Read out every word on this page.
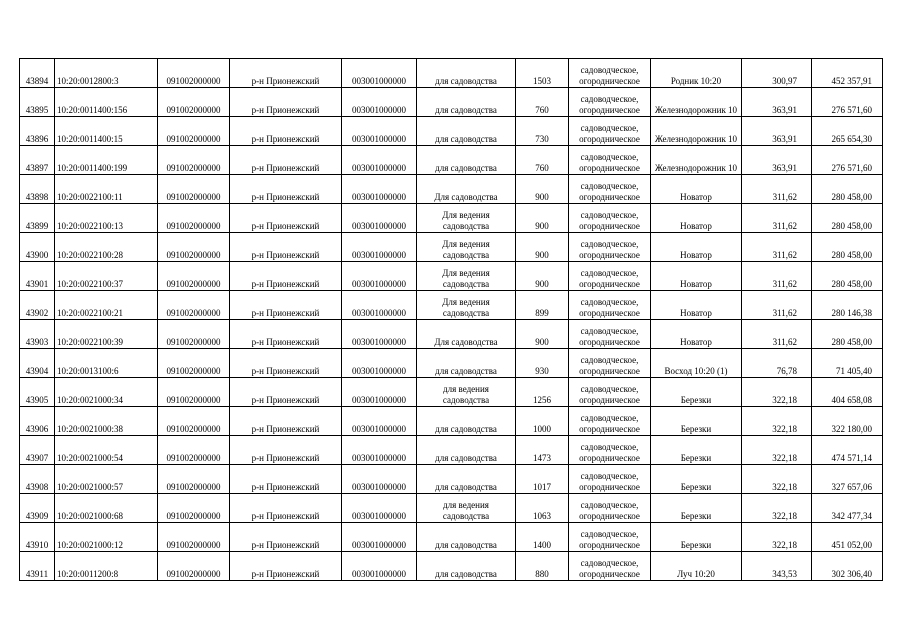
43894	10:20:0012800:3	091002000000	р-н Прионежский	003001000000	для садоводства	1503	садоводческое,
огородническое	Родник 10:20	300,97	452 357,91
43895	10:20:0011400:156	091002000000	р-н Прионежский	003001000000	для садоводства	760	садоводческое,
огородническое	Железнодорожник 10	363,91	276 571,60
43896	10:20:0011400:15	091002000000	р-н Прионежский	003001000000	для садоводства	730	садоводческое,
огородническое	Железнодорожник 10	363,91	265 654,30
43897	10:20:0011400:199	091002000000	р-н Прионежский	003001000000	для садоводства	760	садоводческое,
огородническое	Железнодорожник 10	363,91	276 571,60
43898	10:20:0022100:11	091002000000	р-н Прионежский	003001000000	Для садоводства	900	садоводческое,
огородническое	Новатор	311,62	280 458,00
43899	10:20:0022100:13	091002000000	р-н Прионежский	003001000000	Для ведения
садоводства	900	садоводческое,
огородническое	Новатор	311,62	280 458,00
43900	10:20:0022100:28	091002000000	р-н Прионежский	003001000000	Для ведения
садоводства	900	садоводческое,
огородническое	Новатор	311,62	280 458,00
43901	10:20:0022100:37	091002000000	р-н Прионежский	003001000000	Для ведения
садоводства	900	садоводческое,
огородническое	Новатор	311,62	280 458,00
43902	10:20:0022100:21	091002000000	р-н Прионежский	003001000000	Для ведения
садоводства	899	садоводческое,
огородническое	Новатор	311,62	280 146,38
43903	10:20:0022100:39	091002000000	р-н Прионежский	003001000000	Для садоводства	900	садоводческое,
огородническое	Новатор	311,62	280 458,00
43904	10:20:0013100:6	091002000000	р-н Прионежский	003001000000	для садоводства	930	садоводческое,
огородническое	Восход 10:20 (1)	76,78	71 405,40
43905	10:20:0021000:34	091002000000	р-н Прионежский	003001000000	для ведения
садоводства	1256	садоводческое,
огородническое	Березки	322,18	404 658,08
43906	10:20:0021000:38	091002000000	р-н Прионежский	003001000000	для садоводства	1000	садоводческое,
огородническое	Березки	322,18	322 180,00
43907	10:20:0021000:54	091002000000	р-н Прионежский	003001000000	для садоводства	1473	садоводческое,
огородническое	Березки	322,18	474 571,14
43908	10:20:0021000:57	091002000000	р-н Прионежский	003001000000	для садоводства	1017	садоводческое,
огородническое	Березки	322,18	327 657,06
43909	10:20:0021000:68	091002000000	р-н Прионежский	003001000000	для ведения
садоводства	1063	садоводческое,
огородническое	Березки	322,18	342 477,34
43910	10:20:0021000:12	091002000000	р-н Прионежский	003001000000	для садоводства	1400	садоводческое,
огородническое	Березки	322,18	451 052,00
43911	10:20:0011200:8	091002000000	р-н Прионежский	003001000000	для садоводства	880	садоводческое,
огородническое	Луч 10:20	343,53	302 306,40
